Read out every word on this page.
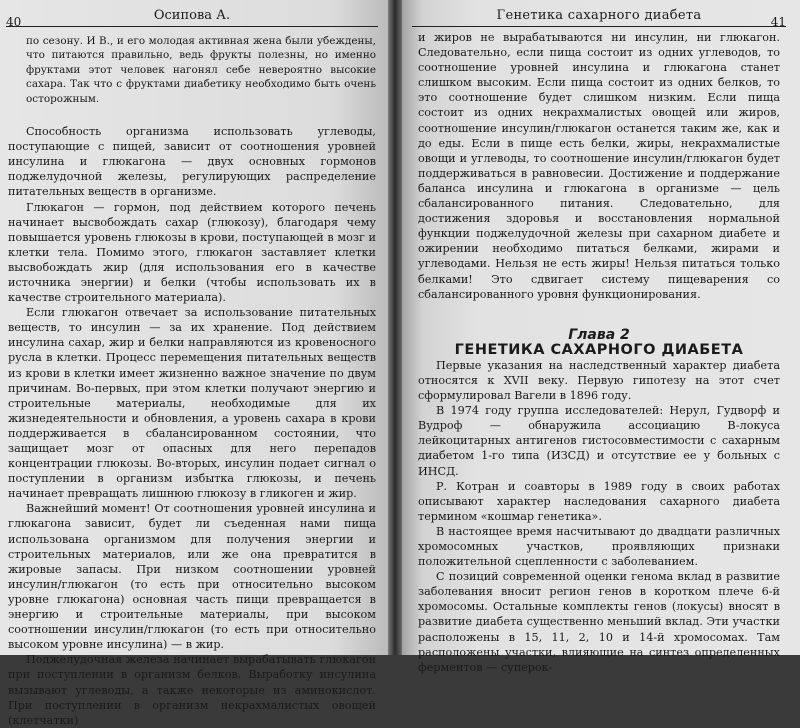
40	Осипова А.

по сезону. И В., и его молодая активная жена были убеждены, что питаются правильно, ведь фрукты полезны, но именно фруктами этот человек нагонял себе невероятно высокие сахара. Так что с фруктами диабетику необходимо быть очень осторожным.

Способность организма использовать углеводы, поступающие с пищей, зависит от соотношения уровней инсулина и глюкагона — двух основных гормонов поджелудочной железы, регулирующих распределение питательных веществ в организме.

Глюкагон — гормон, под действием которого печень начинает высвобождать сахар (глюкозу), благодаря чему повышается уровень глюкозы в крови, поступающей в мозг и клетки тела. Помимо этого, глюкагон заставляет клетки высвобождать жир (для использования его в качестве источника энергии) и белки (чтобы использовать их в качестве строительного материала).

Если глюкагон отвечает за использование питательных веществ, то инсулин — за их хранение. Под действием инсулина сахар, жир и белки направляются из кровеносного русла в клетки. Процесс перемещения питательных веществ из крови в клетки имеет жизненно важное значение по двум причинам. Во-первых, при этом клетки получают энергию и строительные материалы, необходимые для их жизнедеятельности и обновления, а уровень сахара в крови поддерживается в сбалансированном состоянии, что защищает мозг от опасных для него перепадов концентрации глюкозы. Во-вторых, инсулин подает сигнал о поступлении в организм избытка глюкозы, и печень начинает превращать лишнюю глюкозу в гликоген и жир.

Важнейший момент! От соотношения уровней инсулина и глюкагона зависит, будет ли съеденная нами пища использована организмом для получения энергии и строительных материалов, или же она превратится в жировые запасы. При низком соотношении уровней инсулин/глюкагон (то есть при относительно высоком уровне глюкагона) основная часть пищи превращается в энергию и строительные материалы, при высоком соотношении инсулин/глюкагон (то есть при относительно высоком уровне инсулина) — в жир.

Поджелудочная железа начинает вырабатывать глюкагон при поступлении в организм белков. Выработку инсулина вызывают углеводы, а также некоторые из аминокислот. При поступлении в организм некрахмалистых овощей (клетчатки)

Генетика сахарного диабета	41

и жиров не вырабатываются ни инсулин, ни глюкагон. Следовательно, если пища состоит из одних углеводов, то соотношение уровней инсулина и глюкагона станет слишком высоким. Если пища состоит из одних белков, то это соотношение будет слишком низким. Если пища состоит из одних некрахмалистых овощей или жиров, соотношение инсулин/глюкагон останется таким же, как и до еды. Если в пище есть белки, жиры, некрахмалистые овощи и углеводы, то соотношение инсулин/глюкагон будет поддерживаться в равновесии. Достижение и поддержание баланса инсулина и глюкагона в организме — цель сбалансированного питания. Следовательно, для достижения здоровья и восстановления нормальной функции поджелудочной железы при сахарном диабете и ожирении необходимо питаться белками, жирами и углеводами. Нельзя не есть жиры! Нельзя питаться только белками! Это сдвигает систему пищеварения со сбалансированного уровня функционирования.

Глава 2

ГЕНЕТИКА САХАРНОГО ДИАБЕТА

Первые указания на наследственный характер диабета относятся к XVII веку. Первую гипотезу на этот счет сформулировал Вагели в 1896 году.

В 1974 году группа исследователей: Нерул, Гудворф и Вудроф — обнаружила ассоциацию B-локуса лейкоцитарных антигенов гистосовместимости с сахарным диабетом 1-го типа (ИЗСД) и отсутствие ее у больных с ИНСД.

Р. Котран и соавторы в 1989 году в своих работах описывают характер наследования сахарного диабета термином «кошмар генетика».

В настоящее время насчитывают до двадцати различных хромосомных участков, проявляющих признаки положительной сцепленности с заболеванием.

С позиций современной оценки генома вклад в развитие заболевания вносит регион генов в коротком плече 6-й хромосомы. Остальные комплекты генов (локусы) вносят в развитие диабета существенно меньший вклад. Эти участки расположены в 15, 11, 2, 10 и 14-й хромосомах. Там расположены участки, влияющие на синтез определенных ферментов — суперок-
